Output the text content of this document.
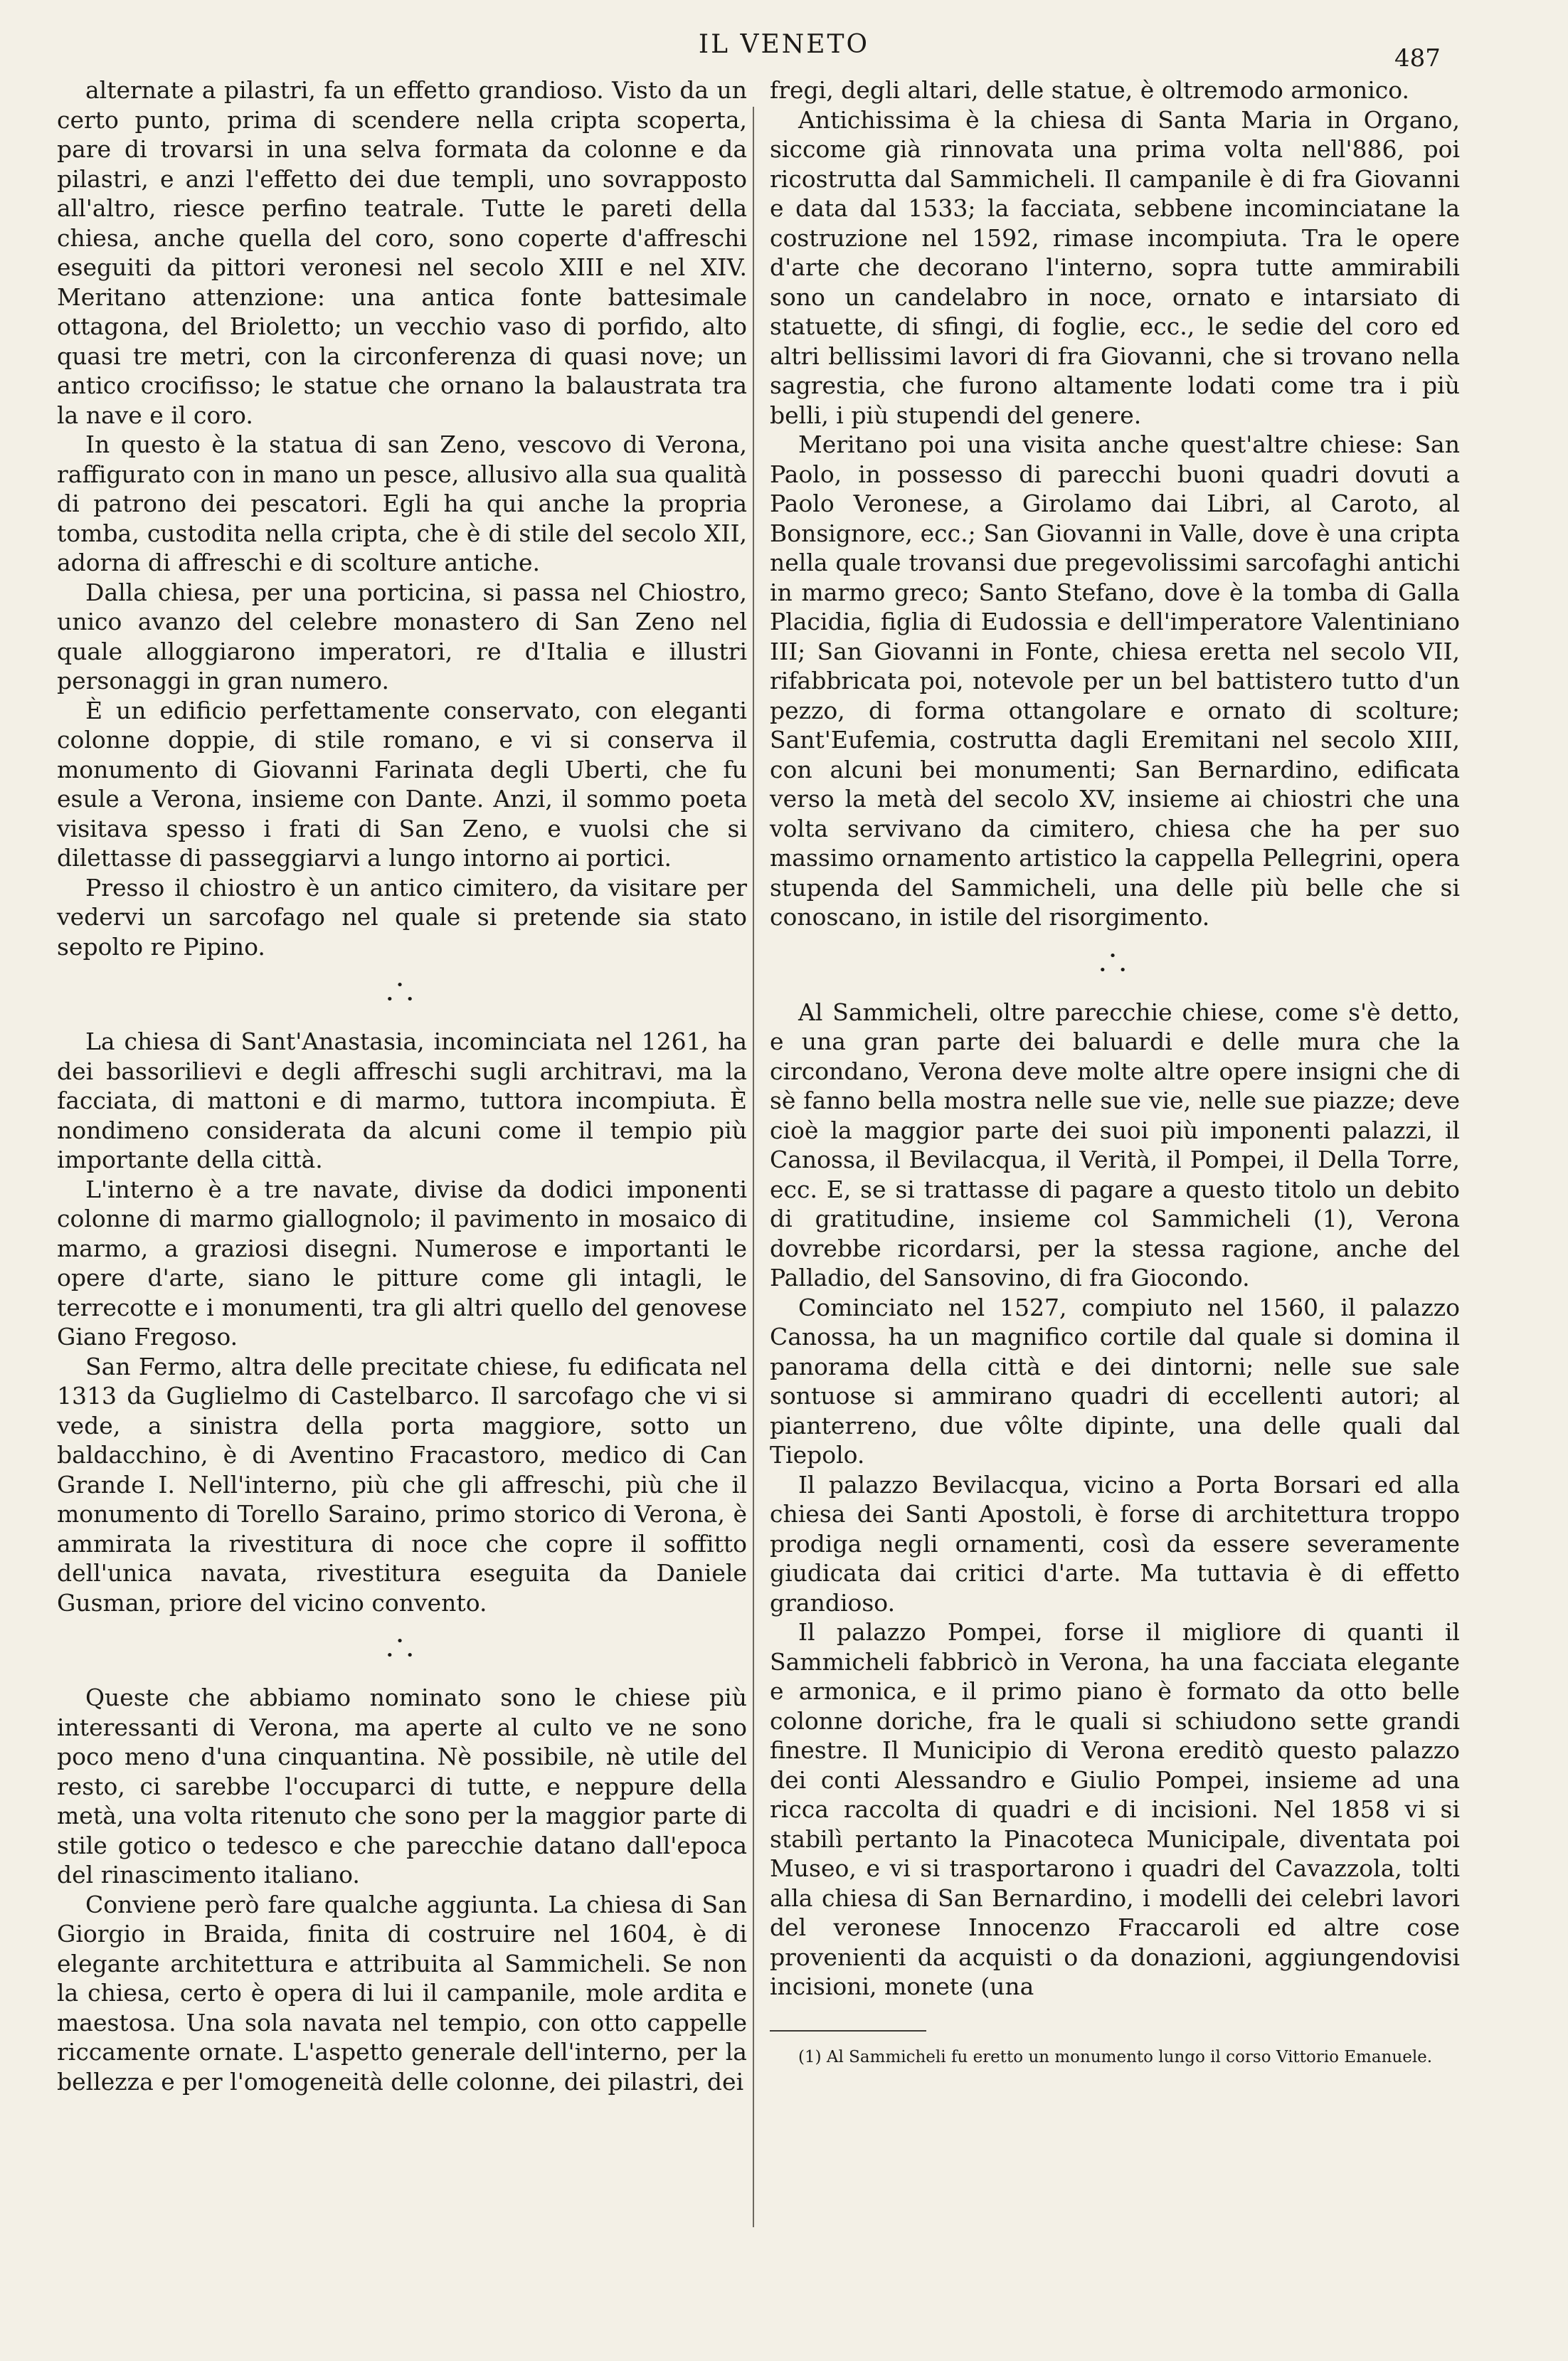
IL VENETO	487

alternate a pilastri, fa un effetto grandioso. Visto da un certo punto, prima di scendere nella cripta scoperta, pare di trovarsi in una selva formata da colonne e da pilastri, e anzi l'effetto dei due templi, uno sovrapposto all'altro, riesce perfino teatrale. Tutte le pareti della chiesa, anche quella del coro, sono coperte d'affreschi eseguiti da pittori veronesi nel secolo XIII e nel XIV. Meritano attenzione: una antica fonte battesimale ottagona, del Brioletto; un vecchio vaso di porfido, alto quasi tre metri, con la circonferenza di quasi nove; un antico crocifisso; le statue che ornano la balaustrata tra la nave e il coro.

In questo è la statua di san Zeno, vescovo di Verona, raffigurato con in mano un pesce, allusivo alla sua qualità di patrono dei pescatori. Egli ha qui anche la propria tomba, custodita nella cripta, che è di stile del secolo XII, adorna di affreschi e di scolture antiche.

Dalla chiesa, per una porticina, si passa nel Chiostro, unico avanzo del celebre monastero di San Zeno nel quale alloggiarono imperatori, re d'Italia e illustri personaggi in gran numero.

È un edificio perfettamente conservato, con eleganti colonne doppie, di stile romano, e vi si conserva il monumento di Giovanni Farinata degli Uberti, che fu esule a Verona, insieme con Dante. Anzi, il sommo poeta visitava spesso i frati di San Zeno, e vuolsi che si dilettasse di passeggiarvi a lungo intorno ai portici.

Presso il chiostro è un antico cimitero, da visitare per vedervi un sarcofago nel quale si pretende sia stato sepolto re Pipino.

•
• •

La chiesa di Sant'Anastasia, incominciata nel 1261, ha dei bassorilievi e degli affreschi sugli architravi, ma la facciata, di mattoni e di marmo, tuttora incompiuta. È nondimeno considerata da alcuni come il tempio più importante della città.

L'interno è a tre navate, divise da dodici imponenti colonne di marmo giallognolo; il pavimento in mosaico di marmo, a graziosi disegni. Numerose e importanti le opere d'arte, siano le pitture come gli intagli, le terrecotte e i monumenti, tra gli altri quello del genovese Giano Fregoso.

San Fermo, altra delle precitate chiese, fu edificata nel 1313 da Guglielmo di Castelbarco. Il sarcofago che vi si vede, a sinistra della porta maggiore, sotto un baldacchino, è di Aventino Fracastoro, medico di Can Grande I. Nell'interno, più che gli affreschi, più che il monumento di Torello Saraino, primo storico di Verona, è ammirata la rivestitura di noce che copre il soffitto dell'unica navata, rivestitura eseguita da Daniele Gusman, priore del vicino convento.

•
• •

Queste che abbiamo nominato sono le chiese più interessanti di Verona, ma aperte al culto ve ne sono poco meno d'una cinquantina. Nè possibile, nè utile del resto, ci sarebbe l'occuparci di tutte, e neppure della metà, una volta ritenuto che sono per la maggior parte di stile gotico o tedesco e che parecchie datano dall'epoca del rinascimento italiano.

Conviene però fare qualche aggiunta. La chiesa di San Giorgio in Braida, finita di costruire nel 1604, è di elegante architettura e attribuita al Sammicheli. Se non la chiesa, certo è opera di lui il campanile, mole ardita e maestosa. Una sola navata nel tempio, con otto cappelle riccamente ornate. L'aspetto generale dell'interno, per la bellezza e per l'omogeneità delle colonne, dei pilastri, dei

fregi, degli altari, delle statue, è oltremodo armonico.

Antichissima è la chiesa di Santa Maria in Organo, siccome già rinnovata una prima volta nell'886, poi ricostrutta dal Sammicheli. Il campanile è di fra Giovanni e data dal 1533; la facciata, sebbene incominciatane la costruzione nel 1592, rimase incompiuta. Tra le opere d'arte che decorano l'interno, sopra tutte ammirabili sono un candelabro in noce, ornato e intarsiato di statuette, di sfingi, di foglie, ecc., le sedie del coro ed altri bellissimi lavori di fra Giovanni, che si trovano nella sagrestia, che furono altamente lodati come tra i più belli, i più stupendi del genere.

Meritano poi una visita anche quest'altre chiese: San Paolo, in possesso di parecchi buoni quadri dovuti a Paolo Veronese, a Girolamo dai Libri, al Caroto, al Bonsignore, ecc.; San Giovanni in Valle, dove è una cripta nella quale trovansi due pregevolissimi sarcofaghi antichi in marmo greco; Santo Stefano, dove è la tomba di Galla Placidia, figlia di Eudossia e dell'imperatore Valentiniano III; San Giovanni in Fonte, chiesa eretta nel secolo VII, rifabbricata poi, notevole per un bel battistero tutto d'un pezzo, di forma ottangolare e ornato di scolture; Sant'Eufemia, costrutta dagli Eremitani nel secolo XIII, con alcuni bei monumenti; San Bernardino, edificata verso la metà del secolo XV, insieme ai chiostri che una volta servivano da cimitero, chiesa che ha per suo massimo ornamento artistico la cappella Pellegrini, opera stupenda del Sammicheli, una delle più belle che si conoscano, in istile del risorgimento.

•
• •

Al Sammicheli, oltre parecchie chiese, come s'è detto, e una gran parte dei baluardi e delle mura che la circondano, Verona deve molte altre opere insigni che di sè fanno bella mostra nelle sue vie, nelle sue piazze; deve cioè la maggior parte dei suoi più imponenti palazzi, il Canossa, il Bevilacqua, il Verità, il Pompei, il Della Torre, ecc. E, se si trattasse di pagare a questo titolo un debito di gratitudine, insieme col Sammicheli (1), Verona dovrebbe ricordarsi, per la stessa ragione, anche del Palladio, del Sansovino, di fra Giocondo.

Cominciato nel 1527, compiuto nel 1560, il palazzo Canossa, ha un magnifico cortile dal quale si domina il panorama della città e dei dintorni; nelle sue sale sontuose si ammirano quadri di eccellenti autori; al pianterreno, due vôlte dipinte, una delle quali dal Tiepolo.

Il palazzo Bevilacqua, vicino a Porta Borsari ed alla chiesa dei Santi Apostoli, è forse di architettura troppo prodiga negli ornamenti, così da essere severamente giudicata dai critici d'arte. Ma tuttavia è di effetto grandioso.

Il palazzo Pompei, forse il migliore di quanti il Sammicheli fabbricò in Verona, ha una facciata elegante e armonica, e il primo piano è formato da otto belle colonne doriche, fra le quali si schiudono sette grandi finestre. Il Municipio di Verona ereditò questo palazzo dei conti Alessandro e Giulio Pompei, insieme ad una ricca raccolta di quadri e di incisioni. Nel 1858 vi si stabilì pertanto la Pinacoteca Municipale, diventata poi Museo, e vi si trasportarono i quadri del Cavazzola, tolti alla chiesa di San Bernardino, i modelli dei celebri lavori del veronese Innocenzo Fraccaroli ed altre cose provenienti da acquisti o da donazioni, aggiungendovisi incisioni, monete (una

(1) Al Sammicheli fu eretto un monumento lungo il corso Vittorio Emanuele.
